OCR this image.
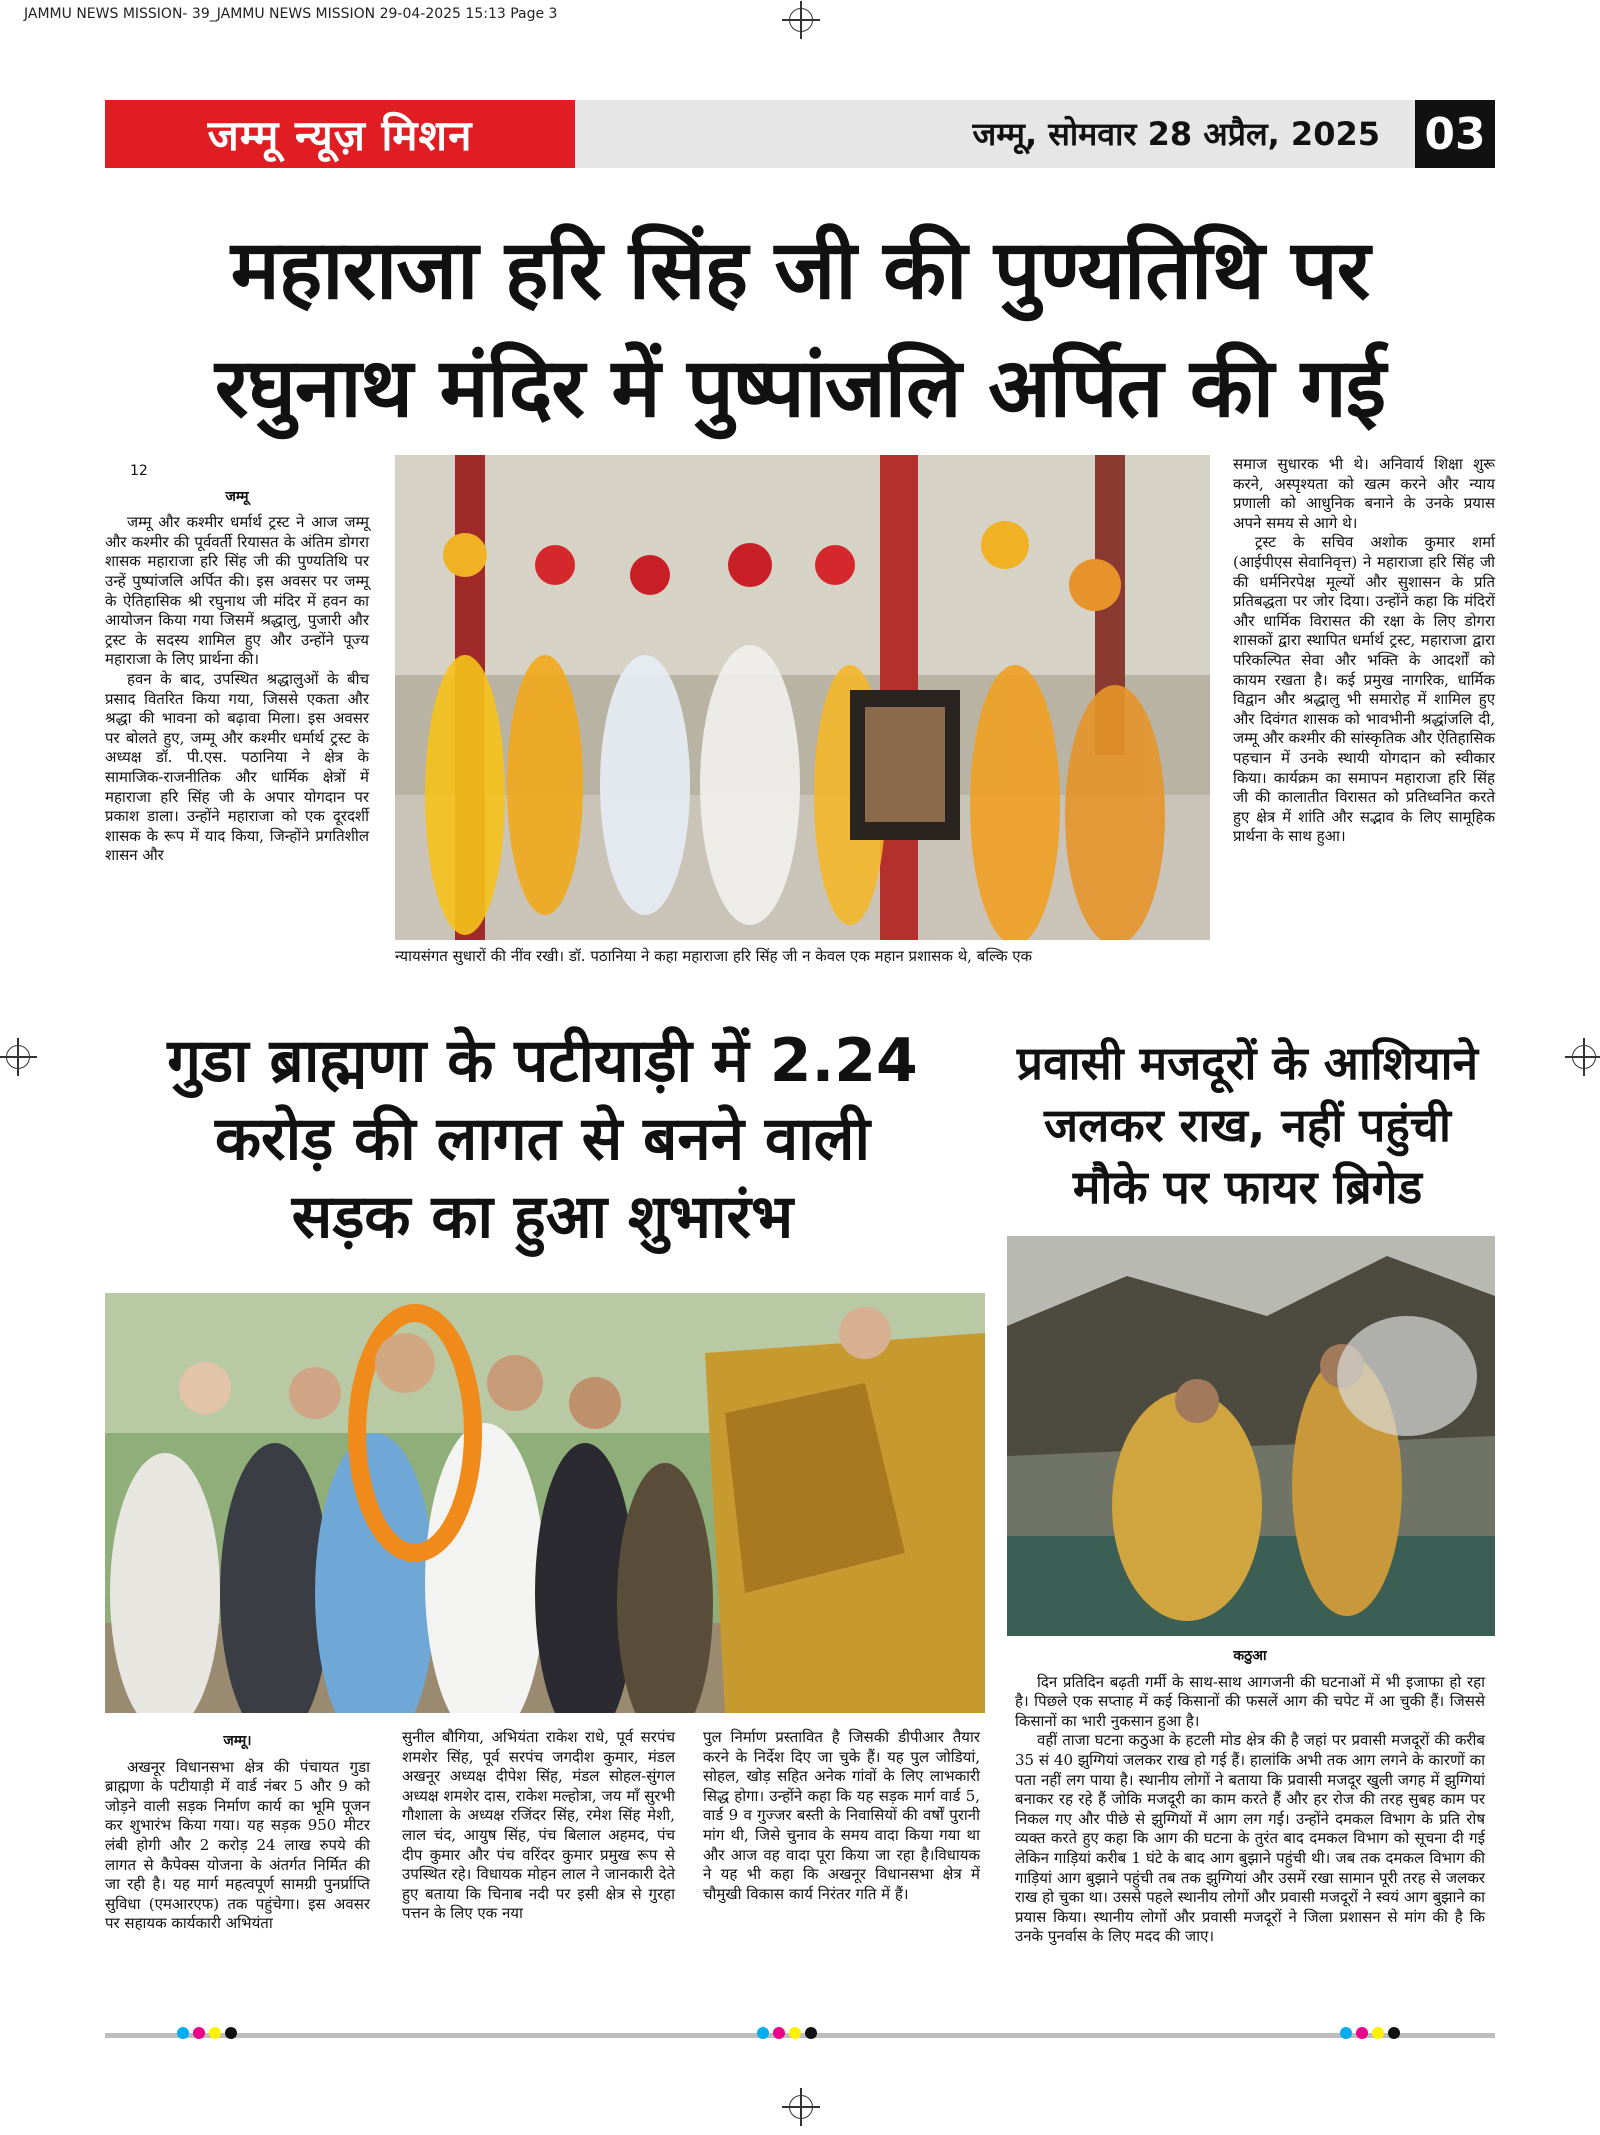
JAMMU NEWS MISSION- 39_JAMMU NEWS MISSION 29-04-2025 15:13 Page 3
जम्मू न्यूज़ मिशन	जम्मू, सोमवार 28 अप्रैल, 2025 03
महाराजा हरि सिंह जी की पुण्यतिथि पर
रघुनाथ मंदिर में पुष्पांजलि अर्पित की गई
12
जम्मू

जम्मू और कश्मीर धर्मार्थ ट्रस्ट ने आज जम्मू और कश्मीर की पूर्ववर्ती रियासत के अंतिम डोगरा शासक महाराजा हरि सिंह जी की पुण्यतिथि पर उन्हें पुष्पांजलि अर्पित की। इस अवसर पर जम्मू के ऐतिहासिक श्री रघुनाथ जी मंदिर में हवन का आयोजन किया गया जिसमें श्रद्धालु, पुजारी और ट्रस्ट के सदस्य शामिल हुए और उन्होंने पूज्य महाराजा के लिए प्रार्थना की।

हवन के बाद, उपस्थित श्रद्धालुओं के बीच प्रसाद वितरित किया गया, जिससे एकता और श्रद्धा की भावना को बढ़ावा मिला। इस अवसर पर बोलते हुए, जम्मू और कश्मीर धर्मार्थ ट्रस्ट के अध्यक्ष डॉ. पी.एस. पठानिया ने क्षेत्र के सामाजिक-राजनीतिक और धार्मिक क्षेत्रों में महाराजा हरि सिंह जी के अपार योगदान पर प्रकाश डाला। उन्होंने महाराजा को एक दूरदर्शी शासक के रूप में याद किया, जिन्होंने प्रगतिशील शासन और

न्यायसंगत सुधारों की नींव रखी। डॉ. पठानिया ने कहा महाराजा हरि सिंह जी न केवल एक महान प्रशासक थे, बल्कि एक

समाज सुधारक भी थे। अनिवार्य शिक्षा शुरू करने, अस्पृश्यता को खत्म करने और न्याय प्रणाली को आधुनिक बनाने के उनके प्रयास अपने समय से आगे थे।

ट्रस्ट के सचिव अशोक कुमार शर्मा (आईपीएस सेवानिवृत्त) ने महाराजा हरि सिंह जी की धर्मनिरपेक्ष मूल्यों और सुशासन के प्रति प्रतिबद्धता पर जोर दिया। उन्होंने कहा कि मंदिरों और धार्मिक विरासत की रक्षा के लिए डोगरा शासकों द्वारा स्थापित धर्मार्थ ट्रस्ट, महाराजा द्वारा परिकल्पित सेवा और भक्ति के आदर्शों को कायम रखता है। कई प्रमुख नागरिक, धार्मिक विद्वान और श्रद्धालु भी समारोह में शामिल हुए और दिवंगत शासक को भावभीनी श्रद्धांजलि दी, जम्मू और कश्मीर की सांस्कृतिक और ऐतिहासिक पहचान में उनके स्थायी योगदान को स्वीकार किया। कार्यक्रम का समापन महाराजा हरि सिंह जी की कालातीत विरासत को प्रतिध्वनित करते हुए क्षेत्र में शांति और सद्भाव के लिए सामूहिक प्रार्थना के साथ हुआ।

गुडा ब्राह्मणा के पटीयाड़ी में 2.24
करोड़ की लागत से बनने वाली
सड़क का हुआ शुभारंभ
जम्मू।

अखनूर विधानसभा क्षेत्र की पंचायत गुडा ब्राह्मणा के पटीयाड़ी में वार्ड नंबर 5 और 9 को जोड़ने वाली सड़क निर्माण कार्य का भूमि पूजन कर शुभारंभ किया गया। यह सड़क 950 मीटर लंबी होगी और 2 करोड़ 24 लाख रुपये की लागत से कैपेक्स योजना के अंतर्गत निर्मित की जा रही है। यह मार्ग महत्वपूर्ण सामग्री पुनर्प्राप्ति सुविधा (एमआरएफ) तक पहुंचेगा। इस अवसर पर सहायक कार्यकारी अभियंता

सुनील बौगिया, अभियंता राकेश राधे, पूर्व सरपंच शमशेर सिंह, पूर्व सरपंच जगदीश कुमार, मंडल अखनूर अध्यक्ष दीपेश सिंह, मंडल सोहल-सुंगल अध्यक्ष शमशेर दास, राकेश मल्होत्रा, जय माँ सुरभी गौशाला के अध्यक्ष रजिंदर सिंह, रमेश सिंह मेशी, लाल चंद, आयुष सिंह, पंच बिलाल अहमद, पंच दीप कुमार और पंच वरिंदर कुमार प्रमुख रूप से उपस्थित रहे। विधायक मोहन लाल ने जानकारी देते हुए बताया कि चिनाब नदी पर इसी क्षेत्र से गुरहा पत्तन के लिए एक नया

पुल निर्माण प्रस्तावित है जिसकी डीपीआर तैयार करने के निर्देश दिए जा चुके हैं। यह पुल जोडियां, सोहल, खोड़ सहित अनेक गांवों के लिए लाभकारी सिद्ध होगा। उन्होंने कहा कि यह सड़क मार्ग वार्ड 5, वार्ड 9 व गुज्जर बस्ती के निवासियों की वर्षों पुरानी मांग थी, जिसे चुनाव के समय वादा किया गया था और आज वह वादा पूरा किया जा रहा है।विधायक ने यह भी कहा कि अखनूर विधानसभा क्षेत्र में चौमुखी विकास कार्य निरंतर गति में हैं।

प्रवासी मजदूरों के आशियाने
जलकर राख, नहीं पहुंची
मौके पर फायर ब्रिगेड
कठुआ

दिन प्रतिदिन बढ़ती गर्मी के साथ-साथ आगजनी की घटनाओं में भी इजाफा हो रहा है। पिछले एक सप्ताह में कई किसानों की फसलें आग की चपेट में आ चुकी हैं। जिससे किसानों का भारी नुकसान हुआ है।

वहीं ताजा घटना कठुआ के हटली मोड क्षेत्र की है जहां पर प्रवासी मजदूरों की करीब 35 सं 40 झुग्गियां जलकर राख हो गई हैं। हालांकि अभी तक आग लगने के कारणों का पता नहीं लग पाया है। स्थानीय लोगों ने बताया कि प्रवासी मजदूर खुली जगह में झुग्गियां बनाकर रह रहे हैं जोकि मजदूरी का काम करते हैं और हर रोज की तरह सुबह काम पर निकल गए और पीछे से झुग्गियों में आग लग गई। उन्होंने दमकल विभाग के प्रति रोष व्यक्त करते हुए कहा कि आग की घटना के तुरंत बाद दमकल विभाग को सूचना दी गई लेकिन गाड़ियां करीब 1 घंटे के बाद आग बुझाने पहुंची थी। जब तक दमकल विभाग की गाड़ियां आग बुझाने पहुंची तब तक झुग्गियां और उसमें रखा सामान पूरी तरह से जलकर राख हो चुका था। उससे पहले स्थानीय लोगों और प्रवासी मजदूरों ने स्वयं आग बुझाने का प्रयास किया। स्थानीय लोगों और प्रवासी मजदूरों ने जिला प्रशासन से मांग की है कि उनके पुनर्वास के लिए मदद की जाए।
